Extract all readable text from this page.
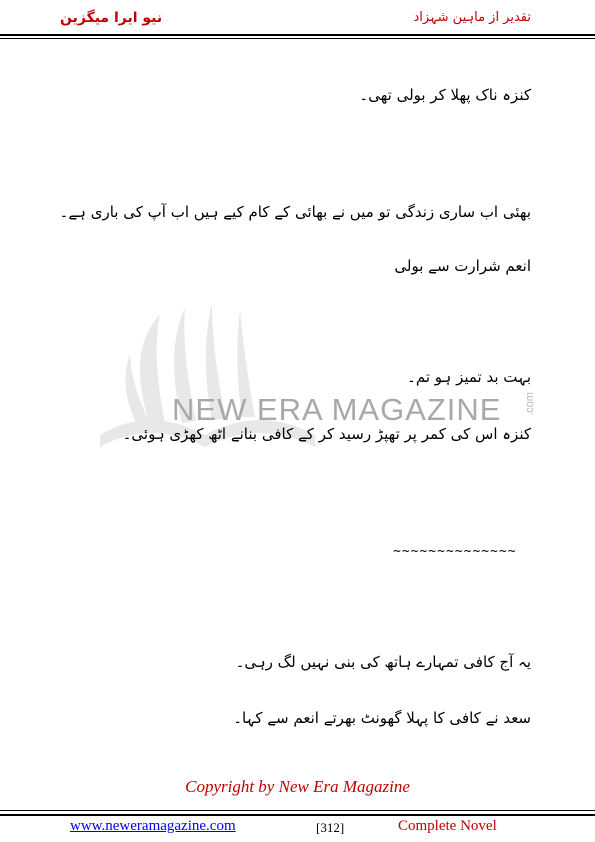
نیو ایرا میگزین	تقدیر از ماہین شہزاد
NEW ERA MAGAZINE .com
کنزہ ناک پھلا کر بولی تھی۔
بھئی اب ساری زندگی تو میں نے بھائی کے کام کیے ہیں اب آپ کی باری ہے۔
انعم شرارت سے بولی
بہت بد تمیز ہو تم۔
کنزہ اس کی کمر پر تھپڑ رسید کر کے کافی بنانے اٹھ کھڑی ہوئی۔
~~~~~~~~~~~~~~
یہ آج کافی تمہارے ہاتھ کی بنی نہیں لگ رہی۔
سعد نے کافی کا پہلا گھونٹ بھرتے انعم سے کہا۔
Copyright by New Era Magazine
www.neweramagazine.com	[312]	Complete Novel
